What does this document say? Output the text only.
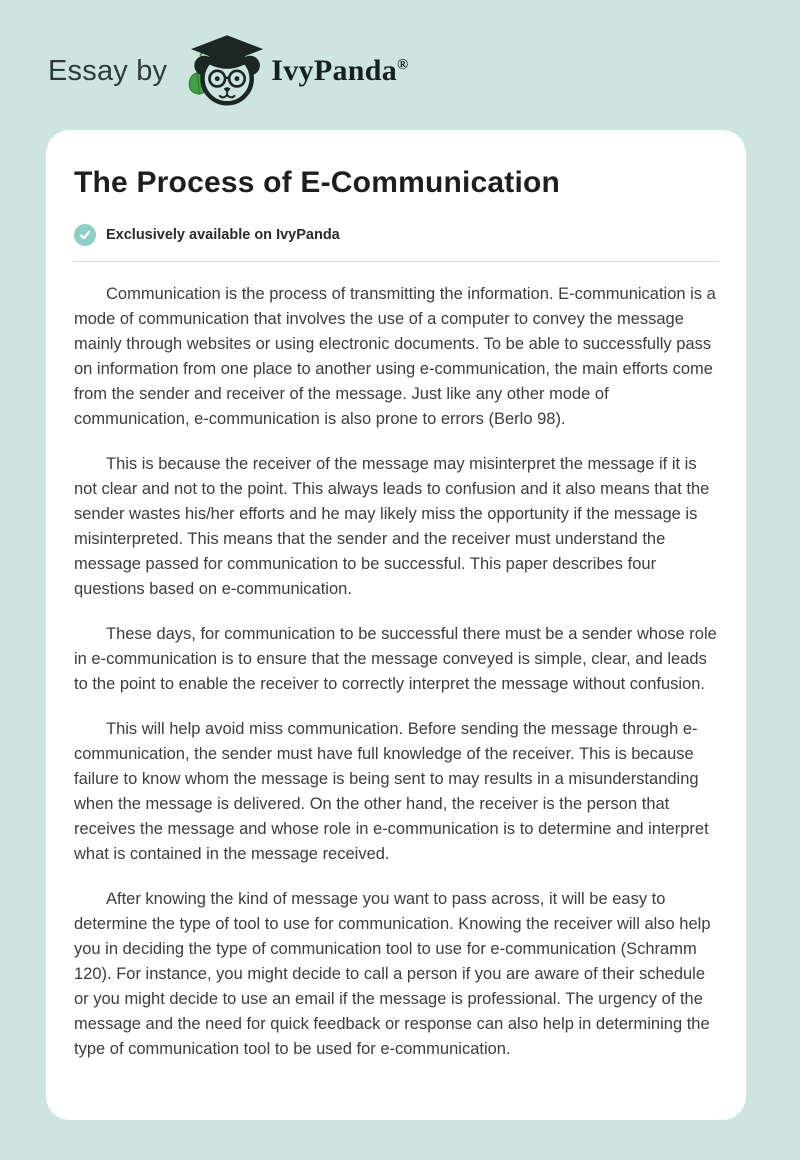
Essay by	IvyPanda®
The Process of E-Communication
Exclusively available on IvyPanda

Communication is the process of transmitting the information. E-communication is a mode of communication that involves the use of a computer to convey the message mainly through websites or using electronic documents. To be able to successfully pass on information from one place to another using e-communication, the main efforts come from the sender and receiver of the message. Just like any other mode of communication, e-communication is also prone to errors (Berlo 98).

This is because the receiver of the message may misinterpret the message if it is not clear and not to the point. This always leads to confusion and it also means that the sender wastes his/her efforts and he may likely miss the opportunity if the message is misinterpreted. This means that the sender and the receiver must understand the message passed for communication to be successful. This paper describes four questions based on e-communication.

These days, for communication to be successful there must be a sender whose role in e-communication is to ensure that the message conveyed is simple, clear, and leads to the point to enable the receiver to correctly interpret the message without confusion.

This will help avoid miss communication. Before sending the message through e-communication, the sender must have full knowledge of the receiver. This is because failure to know whom the message is being sent to may results in a misunderstanding when the message is delivered. On the other hand, the receiver is the person that receives the message and whose role in e-communication is to determine and interpret what is contained in the message received.

After knowing the kind of message you want to pass across, it will be easy to determine the type of tool to use for communication. Knowing the receiver will also help you in deciding the type of communication tool to use for e-communication (Schramm 120). For instance, you might decide to call a person if you are aware of their schedule or you might decide to use an email if the message is professional. The urgency of the message and the need for quick feedback or response can also help in determining the type of communication tool to be used for e-communication.
